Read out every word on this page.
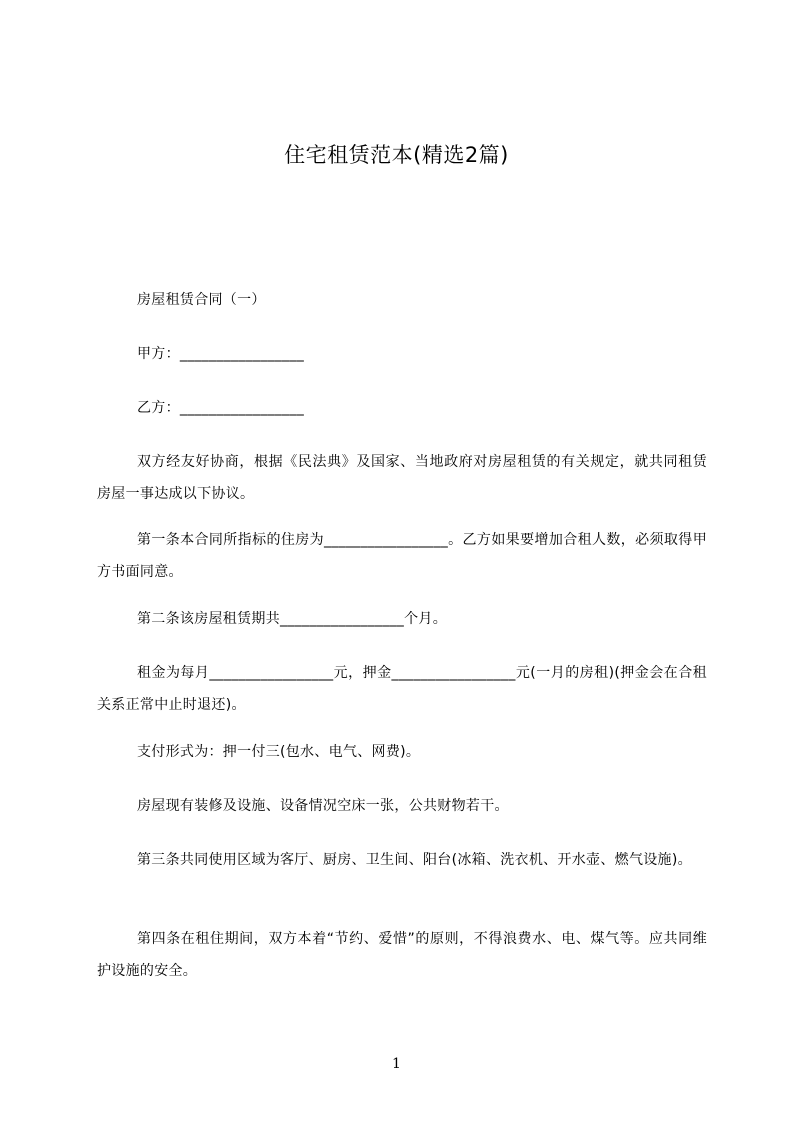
住宅租赁范本(精选2篇)

房屋租赁合同（一）

甲方：_________________

乙方：_________________

双方经友好协商，根据《民法典》及国家、当地政府对房屋租赁的有关规定，就共同租赁房屋一事达成以下协议。

第一条本合同所指标的住房为_________________。乙方如果要增加合租人数，必须取得甲方书面同意。

第二条该房屋租赁期共_________________个月。

租金为每月_________________元，押金_________________元(一月的房租)(押金会在合租关系正常中止时退还)。

支付形式为：押一付三(包水、电气、网费)。

房屋现有装修及设施、设备情况空床一张，公共财物若干。

第三条共同使用区域为客厅、厨房、卫生间、阳台(冰箱、洗衣机、开水壶、燃气设施)。

第四条在租住期间，双方本着“节约、爱惜”的原则，不得浪费水、电、煤气等。应共同维护设施的安全。

1
